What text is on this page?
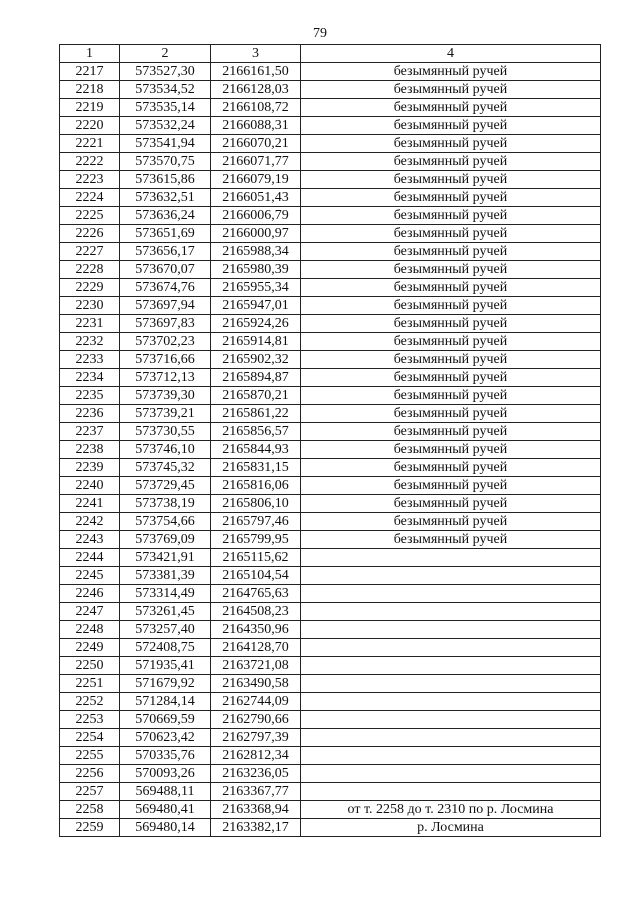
79
1	2	3	4
2217	573527,30	2166161,50	безымянный ручей
2218	573534,52	2166128,03	безымянный ручей
2219	573535,14	2166108,72	безымянный ручей
2220	573532,24	2166088,31	безымянный ручей
2221	573541,94	2166070,21	безымянный ручей
2222	573570,75	2166071,77	безымянный ручей
2223	573615,86	2166079,19	безымянный ручей
2224	573632,51	2166051,43	безымянный ручей
2225	573636,24	2166006,79	безымянный ручей
2226	573651,69	2166000,97	безымянный ручей
2227	573656,17	2165988,34	безымянный ручей
2228	573670,07	2165980,39	безымянный ручей
2229	573674,76	2165955,34	безымянный ручей
2230	573697,94	2165947,01	безымянный ручей
2231	573697,83	2165924,26	безымянный ручей
2232	573702,23	2165914,81	безымянный ручей
2233	573716,66	2165902,32	безымянный ручей
2234	573712,13	2165894,87	безымянный ручей
2235	573739,30	2165870,21	безымянный ручей
2236	573739,21	2165861,22	безымянный ручей
2237	573730,55	2165856,57	безымянный ручей
2238	573746,10	2165844,93	безымянный ручей
2239	573745,32	2165831,15	безымянный ручей
2240	573729,45	2165816,06	безымянный ручей
2241	573738,19	2165806,10	безымянный ручей
2242	573754,66	2165797,46	безымянный ручей
2243	573769,09	2165799,95	безымянный ручей
2244	573421,91	2165115,62	
2245	573381,39	2165104,54	
2246	573314,49	2164765,63	
2247	573261,45	2164508,23	
2248	573257,40	2164350,96	
2249	572408,75	2164128,70	
2250	571935,41	2163721,08	
2251	571679,92	2163490,58	
2252	571284,14	2162744,09	
2253	570669,59	2162790,66	
2254	570623,42	2162797,39	
2255	570335,76	2162812,34	
2256	570093,26	2163236,05	
2257	569488,11	2163367,77	
2258	569480,41	2163368,94	от т. 2258 до т. 2310 по р. Лосмина
2259	569480,14	2163382,17	р. Лосмина
